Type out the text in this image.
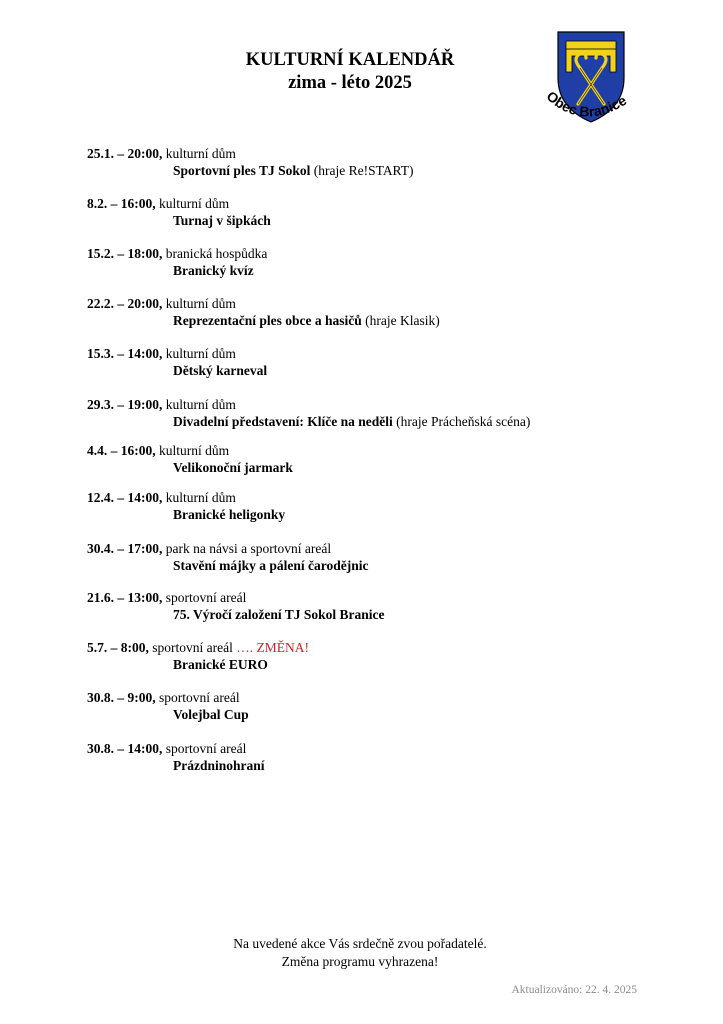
KULTURNÍ KALENDÁŘ
zima - léto 2025
Obec Branice
25.1. – 20:00, kulturní dům
Sportovní ples TJ Sokol (hraje Re!START)
8.2. – 16:00, kulturní dům
Turnaj v šipkách
15.2. – 18:00, branická hospůdka
Branický kvíz
22.2. – 20:00, kulturní dům
Reprezentační ples obce a hasičů (hraje Klasik)
15.3. – 14:00, kulturní dům
Dětský karneval
29.3. – 19:00, kulturní dům
Divadelní představení: Klíče na neděli (hraje Prácheňská scéna)
4.4. – 16:00, kulturní dům
Velikonoční jarmark
12.4. – 14:00, kulturní dům
Branické heligonky
30.4. – 17:00, park na návsi a sportovní areál
Stavění májky a pálení čarodějnic
21.6. – 13:00, sportovní areál
75. Výročí založení TJ Sokol Branice
5.7. – 8:00, sportovní areál …. ZMĚNA!
Branické EURO
30.8. – 9:00, sportovní areál
Volejbal Cup
30.8. – 14:00, sportovní areál
Prázdninohraní
Na uvedené akce Vás srdečně zvou pořadatelé.
Změna programu vyhrazena!
Aktualizováno: 22. 4. 2025
